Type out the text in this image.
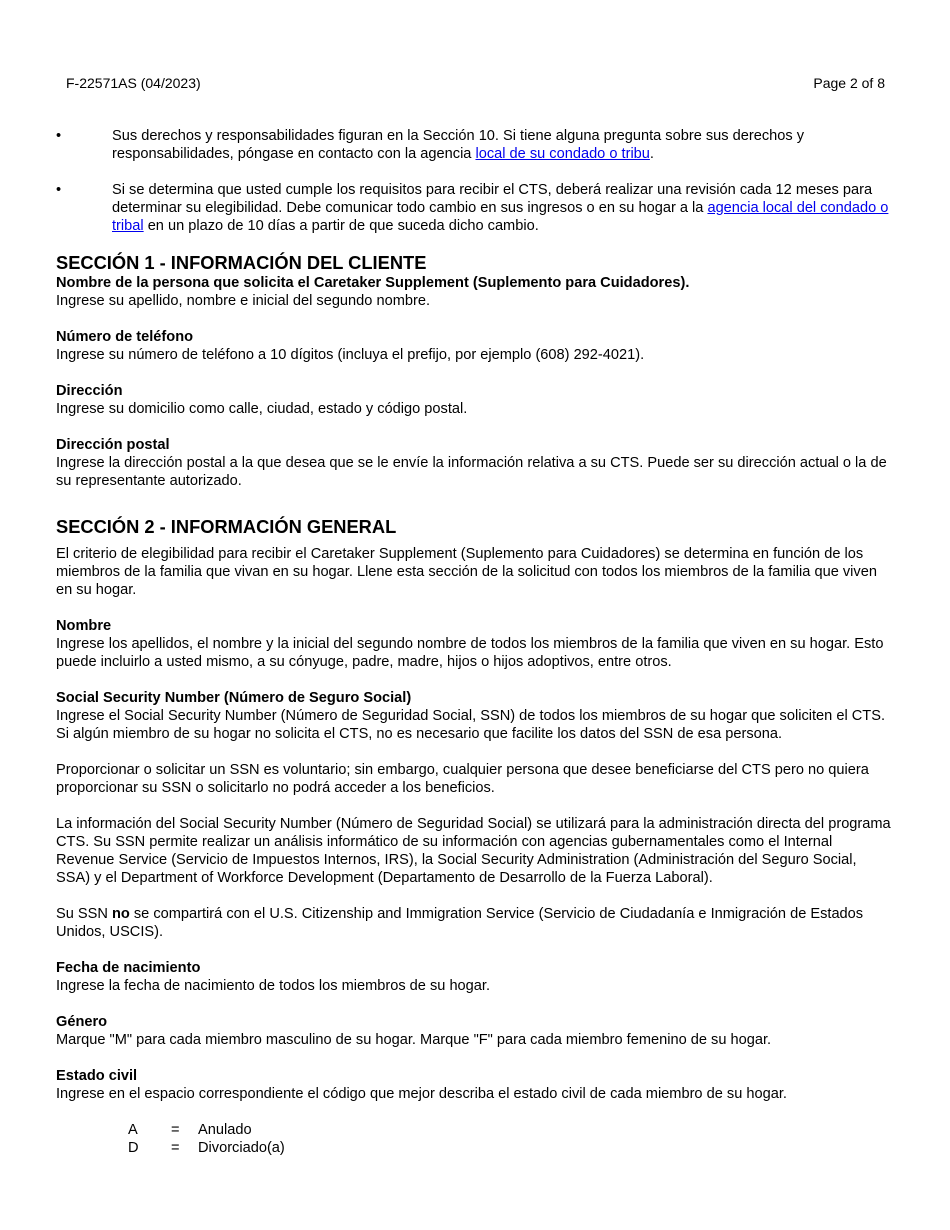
F-22571AS (04/2023)	Page 2 of 8
•	Sus derechos y responsabilidades figuran en la Sección 10. Si tiene alguna pregunta sobre sus derechos y responsabilidades, póngase en contacto con la agencia local de su condado o tribu.
•	Si se determina que usted cumple los requisitos para recibir el CTS, deberá realizar una revisión cada 12 meses para determinar su elegibilidad. Debe comunicar todo cambio en sus ingresos o en su hogar a la agencia local del condado o tribal en un plazo de 10 días a partir de que suceda dicho cambio.
SECCIÓN 1 - INFORMACIÓN DEL CLIENTE

Nombre de la persona que solicita el Caretaker Supplement (Suplemento para Cuidadores).

Ingrese su apellido, nombre e inicial del segundo nombre.

Número de teléfono

Ingrese su número de teléfono a 10 dígitos (incluya el prefijo, por ejemplo (608) 292-4021).

Dirección

Ingrese su domicilio como calle, ciudad, estado y código postal.

Dirección postal

Ingrese la dirección postal a la que desea que se le envíe la información relativa a su CTS. Puede ser su dirección actual o la de su representante autorizado.

SECCIÓN 2 - INFORMACIÓN GENERAL

El criterio de elegibilidad para recibir el Caretaker Supplement (Suplemento para Cuidadores) se determina en función de los miembros de la familia que vivan en su hogar. Llene esta sección de la solicitud con todos los miembros de la familia que viven en su hogar.

Nombre

Ingrese los apellidos, el nombre y la inicial del segundo nombre de todos los miembros de la familia que viven en su hogar. Esto puede incluirlo a usted mismo, a su cónyuge, padre, madre, hijos o hijos adoptivos, entre otros.

Social Security Number (Número de Seguro Social)

Ingrese el Social Security Number (Número de Seguridad Social, SSN) de todos los miembros de su hogar que soliciten el CTS. Si algún miembro de su hogar no solicita el CTS, no es necesario que facilite los datos del SSN de esa persona.

Proporcionar o solicitar un SSN es voluntario; sin embargo, cualquier persona que desee beneficiarse del CTS pero no quiera proporcionar su SSN o solicitarlo no podrá acceder a los beneficios.

La información del Social Security Number (Número de Seguridad Social) se utilizará para la administración directa del programa CTS. Su SSN permite realizar un análisis informático de su información con agencias gubernamentales como el Internal Revenue Service (Servicio de Impuestos Internos, IRS), la Social Security Administration (Administración del Seguro Social, SSA) y el Department of Workforce Development (Departamento de Desarrollo de la Fuerza Laboral).

Su SSN no se compartirá con el U.S. Citizenship and Immigration Service (Servicio de Ciudadanía e Inmigración de Estados Unidos, USCIS).

Fecha de nacimiento

Ingrese la fecha de nacimiento de todos los miembros de su hogar.

Género

Marque "M" para cada miembro masculino de su hogar. Marque "F" para cada miembro femenino de su hogar.

Estado civil

Ingrese en el espacio correspondiente el código que mejor describa el estado civil de cada miembro de su hogar.

A	=	Anulado
D	=	Divorciado(a)
